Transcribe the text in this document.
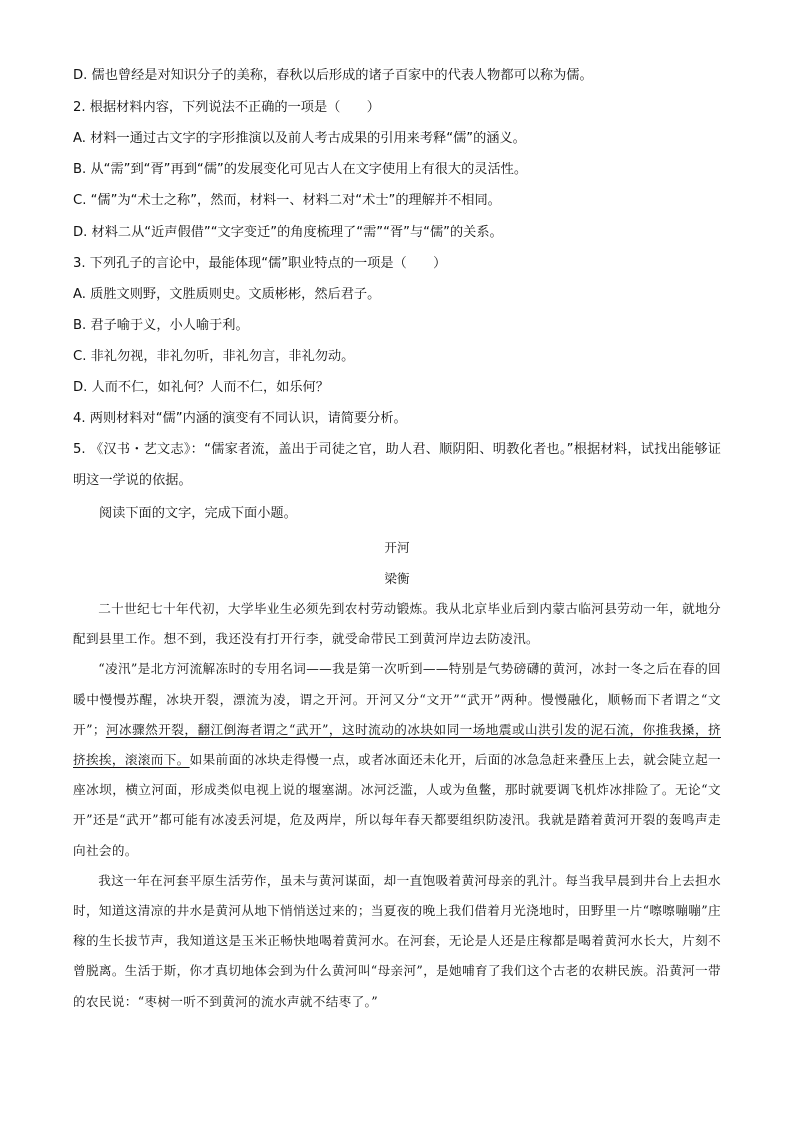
D. 儒也曾经是对知识分子的美称，春秋以后形成的诸子百家中的代表人物都可以称为儒。
2. 根据材料内容，下列说法不正确的一项是（　　）
A. 材料一通过古文字的字形推演以及前人考古成果的引用来考释“儒”的涵义。
B. 从“需”到“胥”再到“儒”的发展变化可见古人在文字使用上有很大的灵活性。
C. “儒”为“术士之称”，然而，材料一、材料二对“术士”的理解并不相同。
D. 材料二从“近声假借”“文字变迁”的角度梳理了“需”“胥”与“儒”的关系。
3. 下列孔子的言论中，最能体现“儒”职业特点的一项是（　　）
A. 质胜文则野，文胜质则史。文质彬彬，然后君子。
B. 君子喻于义，小人喻于利。
C. 非礼勿视，非礼勿听，非礼勿言，非礼勿动。
D. 人而不仁，如礼何？人而不仁，如乐何？
4. 两则材料对“儒”内涵的演变有不同认识，请简要分析。
5. 《汉书・艺文志》：“儒家者流，盖出于司徒之官，助人君、顺阴阳、明教化者也。”根据材料，试找出能够证明这一学说的依据。
阅读下面的文字，完成下面小题。
开河
梁衡

二十世纪七十年代初，大学毕业生必须先到农村劳动锻炼。我从北京毕业后到内蒙古临河县劳动一年，就地分配到县里工作。想不到，我还没有打开行李，就受命带民工到黄河岸边去防凌汛。

“凌汛”是北方河流解冻时的专用名词——我是第一次听到——特别是气势磅礴的黄河，冰封一冬之后在春的回暖中慢慢苏醒，冰块开裂，漂流为凌，谓之开河。开河又分“文开”“武开”两种。慢慢融化，顺畅而下者谓之“文开”；河冰骤然开裂，翻江倒海者谓之“武开”，这时流动的冰块如同一场地震或山洪引发的泥石流，你推我搡，挤挤挨挨，滚滚而下。如果前面的冰块走得慢一点，或者冰面还未化开，后面的冰急急赶来叠压上去，就会陡立起一座冰坝，横立河面，形成类似电视上说的堰塞湖。冰河泛滥，人或为鱼鳖，那时就要调飞机炸冰排险了。无论“文开”还是“武开”都可能有冰凌丢河堤，危及两岸，所以每年春天都要组织防凌汛。我就是踏着黄河开裂的轰鸣声走向社会的。

我这一年在河套平原生活劳作，虽未与黄河谋面，却一直饱吸着黄河母亲的乳汁。每当我早晨到井台上去担水时，知道这清凉的井水是黄河从地下悄悄送过来的；当夏夜的晚上我们借着月光浇地时，田野里一片“嚓嚓嘣嘣”庄稼的生长拔节声，我知道这是玉米正畅快地喝着黄河水。在河套，无论是人还是庄稼都是喝着黄河水长大，片刻不曾脱离。生活于斯，你才真切地体会到为什么黄河叫“母亲河”，是她哺育了我们这个古老的农耕民族。沿黄河一带的农民说：“枣树一听不到黄河的流水声就不结枣了。”
